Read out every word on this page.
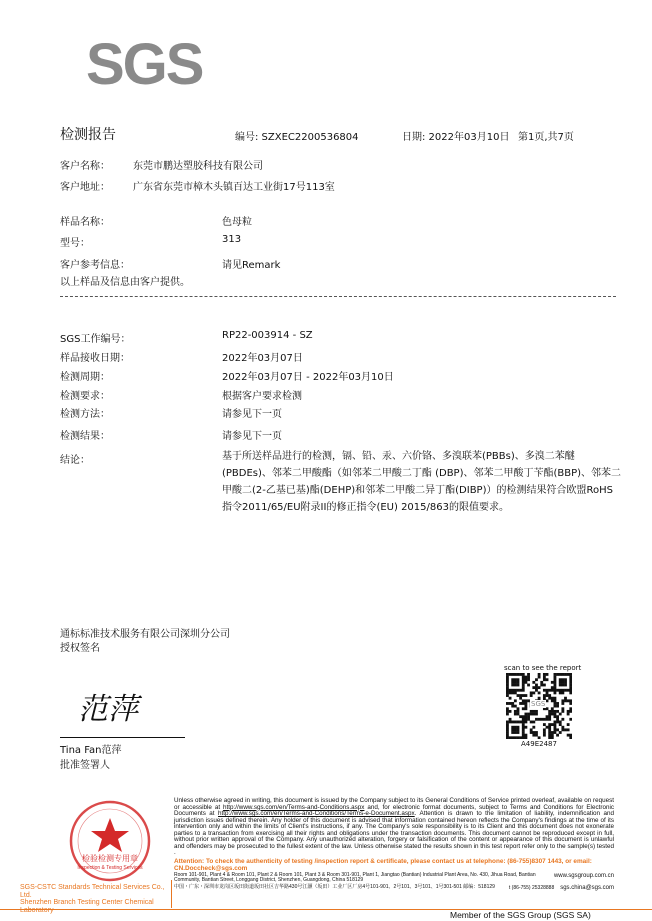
SGS
检测报告	编号: SZXEC2200536804	日期: 2022年03月10日 第1页,共7页
客户名称： 东莞市鹏达塑胶科技有限公司
客户地址： 广东省东莞市樟木头镇百达工业街17号113室
样品名称：	色母粒
型号：	313
客户参考信息：	请见Remark
以上样品及信息由客户提供。
SGS工作编号：	RP22-003914 - SZ
样品接收日期：	2022年03月07日
检测周期：	2022年03月07日 - 2022年03月10日
检测要求：	根据客户要求检测
检测方法：	请参见下一页
检测结果：	请参见下一页
结论：	基于所送样品进行的检测，镉、铅、汞、六价铬、多溴联苯(PBBs)、多溴二苯醚(PBDEs)、邻苯二甲酸酯（如邻苯二甲酸二丁酯 (DBP)、邻苯二甲酸丁苄酯(BBP)、邻苯二甲酸二(2-乙基已基)酯(DEHP)和邻苯二甲酸二异丁酯(DIBP)）的检测结果符合欧盟RoHS指令2011/65/EU附录II的修正指令(EU) 2015/863的限值要求。
通标标准技术服务有限公司深圳分公司
授权签名
范萍
Tina Fan范萍
批准签署人
scan to see the report
SGS
A49E2487
检验检测专用章
Inspection & Testing Services
SGS-CSTC Standards Technical Services Co., Ltd.
Shenzhen Branch Testing Center Chemical Laboratory
Unless otherwise agreed in writing, this document is issued by the Company subject to its General Conditions of Service printed overleaf, available on request or accessible at http://www.sgs.com/en/Terms-and-Conditions.aspx and, for electronic format documents, subject to Terms and Conditions for Electronic Documents at http://www.sgs.com/en/Terms-and-Conditions/Terms-e-Document.aspx. Attention is drawn to the limitation of liability, indemnification and jurisdiction issues defined therein. Any holder of this document is advised that information contained hereon reflects the Company's findings at the time of its intervention only and within the limits of Client's instructions, if any. The Company's sole responsibility is to its Client and this document does not exonerate parties to a transaction from exercising all their rights and obligations under the transaction documents. This document cannot be reproduced except in full, without prior written approval of the Company. Any unauthorized alteration, forgery or falsification of the content or appearance of this document is unlawful and offenders may be prosecuted to the fullest extent of the law. Unless otherwise stated the results shown in this test report refer only to the sample(s) tested .
Attention: To check the authenticity of testing /inspection report & certificate, please contact us at telephone: (86-755)8307 1443, or email: CN.Doccheck@sgs.com
Room 101-901, Plant 4 & Room 101, Plant 2 & Room 101, Plant 3 & Room 301-901, Plant 1, Jiangtao (Bantian) Industrial Plant Area, No. 430, Jihua Road, Bantian Community, Bantian Street, Longgang District, Shenzhen, Guangdong, China 518129
www.sgsgroup.com.cn
中国・广东・深圳市龙岗区坂田街道坂田社区吉华路430号江灏（坂田）工业厂区厂房4号101-901、2号101、3号101、1号301-501 邮编：518129	t (86-755) 25328888 sgs.china@sgs.com
Member of the SGS Group (SGS SA)
